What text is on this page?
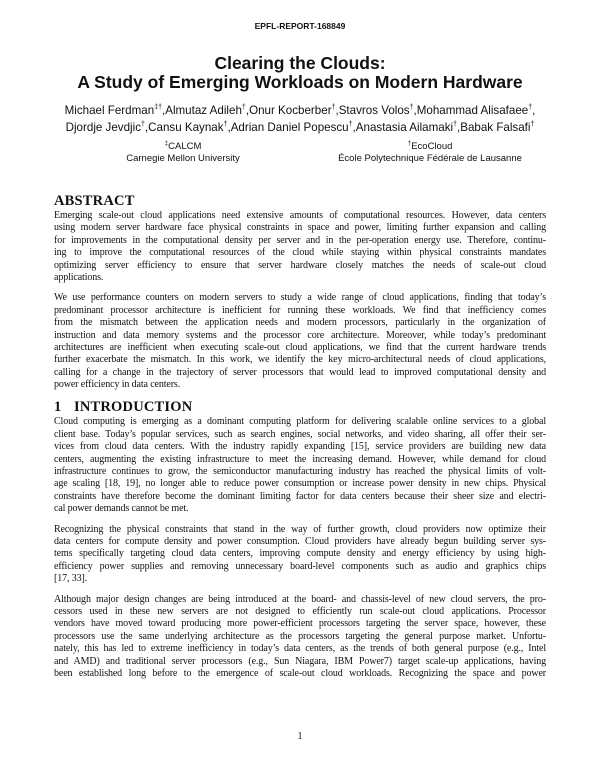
EPFL-REPORT-168849
Clearing the Clouds:
A Study of Emerging Workloads on Modern Hardware
Michael Ferdman‡†,Almutaz Adileh†,Onur Kocberber†,Stavros Volos†,Mohammad Alisafaee†,
Djordje Jevdjic†,Cansu Kaynak†,Adrian Daniel Popescu†,Anastasia Ailamaki†,Babak Falsafi†
‡CALCM
Carnegie Mellon University
†EcoCloud
École Polytechnique Fédérale de Lausanne
ABSTRACT
Emerging scale-out cloud applications need extensive amounts of computational resources. However, data centers
using modern server hardware face physical constraints in space and power, limiting further expansion and calling
for improvements in the computational density per server and in the per-operation energy use. Therefore, continu-
ing to improve the computational resources of the cloud while staying within physical constraints mandates
optimizing server efficiency to ensure that server hardware closely matches the needs of scale-out cloud
applications.
We use performance counters on modern servers to study a wide range of cloud applications, finding that today’s
predominant processor architecture is inefficient for running these workloads. We find that inefficiency comes
from the mismatch between the application needs and modern processors, particularly in the organization of
instruction and data memory systems and the processor core architecture. Moreover, while today’s predominant
architectures are inefficient when executing scale-out cloud applications, we find that the current hardware trends
further exacerbate the mismatch. In this work, we identify the key micro-architectural needs of cloud applications,
calling for a change in the trajectory of server processors that would lead to improved computational density and
power efficiency in data centers.
1 INTRODUCTION
Cloud computing is emerging as a dominant computing platform for delivering scalable online services to a global
client base. Today’s popular services, such as search engines, social networks, and video sharing, all offer their ser-
vices from cloud data centers. With the industry rapidly expanding [15], service providers are building new data
centers, augmenting the existing infrastructure to meet the increasing demand. However, while demand for cloud
infrastructure continues to grow, the semiconductor manufacturing industry has reached the physical limits of volt-
age scaling [18, 19], no longer able to reduce power consumption or increase power density in new chips. Physical
constraints have therefore become the dominant limiting factor for data centers because their sheer size and electri-
cal power demands cannot be met.
Recognizing the physical constraints that stand in the way of further growth, cloud providers now optimize their
data centers for compute density and power consumption. Cloud providers have already begun building server sys-
tems specifically targeting cloud data centers, improving compute density and energy efficiency by using high-
efficiency power supplies and removing unnecessary board-level components such as audio and graphics chips
[17, 33].
Although major design changes are being introduced at the board- and chassis-level of new cloud servers, the pro-
cessors used in these new servers are not designed to efficiently run scale-out cloud applications. Processor
vendors have moved toward producing more power-efficient processors targeting the server space, however, these
processors use the same underlying architecture as the processors targeting the general purpose market. Unfortu-
nately, this has led to extreme inefficiency in today’s data centers, as the trends of both general purpose (e.g., Intel
and AMD) and traditional server processors (e.g., Sun Niagara, IBM Power7) target scale-up applications, having
been established long before to the emergence of scale-out cloud workloads. Recognizing the space and power
1
